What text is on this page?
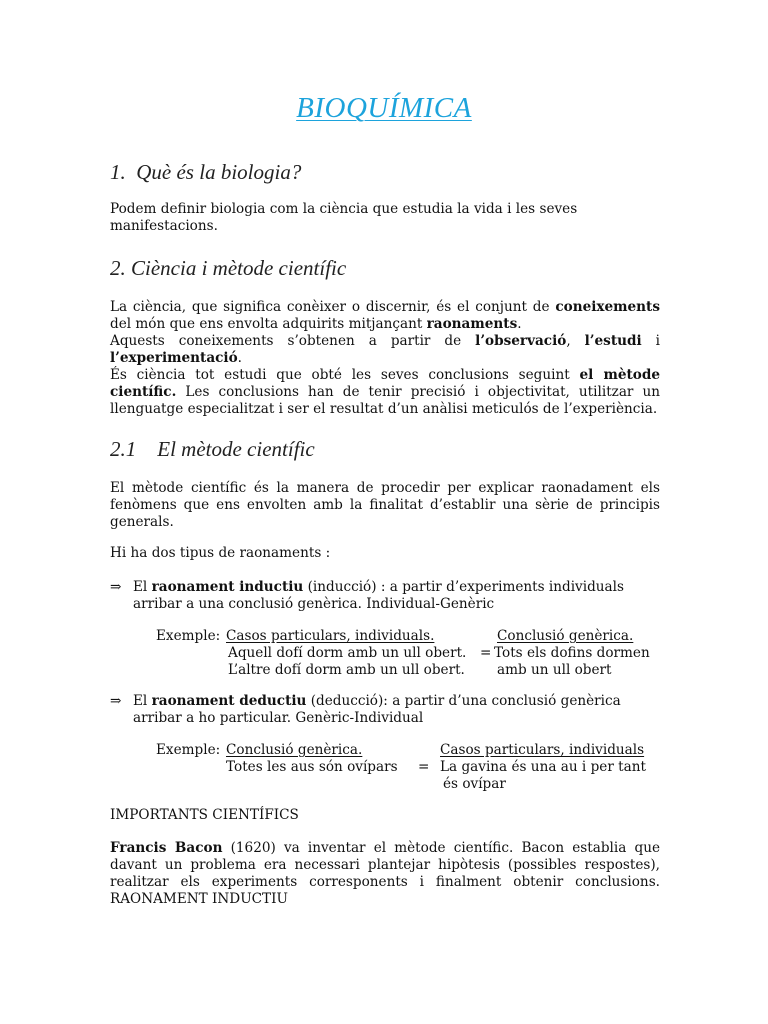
BIOQUÍMICA
1. Què és la biologia?
Podem definir biologia com la ciència que estudia la vida i les seves
manifestacions.
2. Ciència i mètode científic
La ciència, que significa conèixer o discernir, és el conjunt de coneixements
del món que ens envolta adquirits mitjançant raonaments.
Aquests coneixements s’obtenen a partir de l’observació, l’estudi i
l’experimentació.
És ciència tot estudi que obté les seves conclusions seguint el mètode
científic. Les conclusions han de tenir precisió i objectivitat, utilitzar un
llenguatge especialitzat i ser el resultat d’un anàlisi meticulós de l’experiència.
2.1 El mètode científic
El mètode científic és la manera de procedir per explicar raonadament els
fenòmens que ens envolten amb la finalitat d’establir una sèrie de principis
generals.
Hi ha dos tipus de raonaments :
⇒ El raonament inductiu (inducció) : a partir d’experiments individuals
arribar a una conclusió genèrica. Individual-Genèric
Exemple: Casos particulars, individuals.
Aquell dofí dorm amb un ull obert.
L’altre dofí dorm amb un ull obert.
=
Conclusió genèrica.
Tots els dofins dormen
amb un ull obert
⇒ El raonament deductiu (deducció): a partir d’una conclusió genèrica
arribar a ho particular. Genèric-Individual
Exemple: Conclusió genèrica.
Totes les aus són ovípars =
Casos particulars, individuals
La gavina és una au i per tant
és ovípar
IMPORTANTS CIENTÍFICS
Francis Bacon (1620) va inventar el mètode científic. Bacon establia que
davant un problema era necessari plantejar hipòtesis (possibles respostes),
realitzar els experiments corresponents i finalment obtenir conclusions.
RAONAMENT INDUCTIU
